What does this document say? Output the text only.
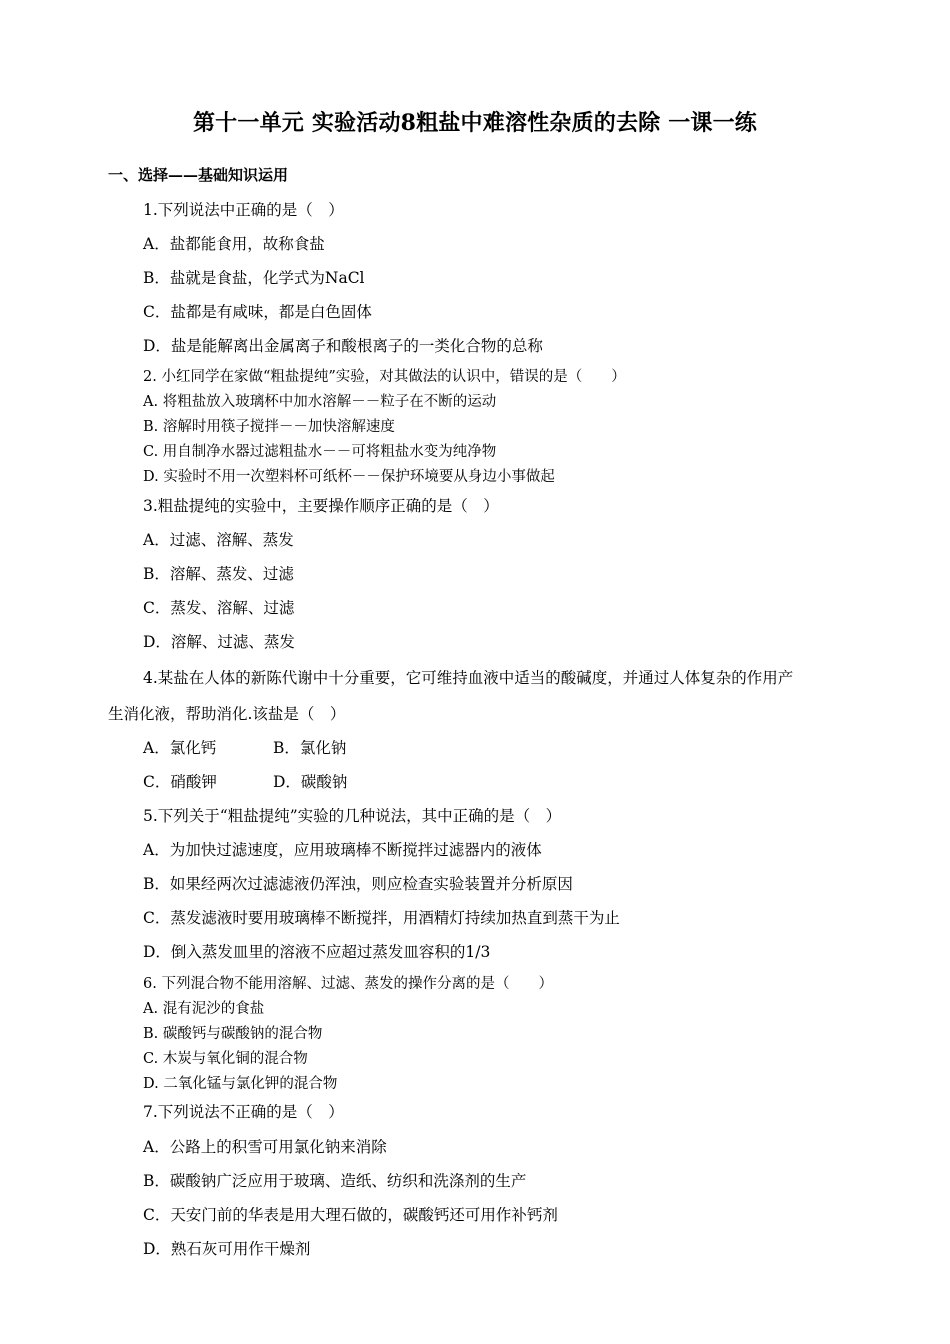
第十一单元 实验活动8粗盐中难溶性杂质的去除 一课一练
一、选择——基础知识运用
1.下列说法中正确的是（　）
A．盐都能食用，故称食盐
B．盐就是食盐，化学式为NaCl
C．盐都是有咸味，都是白色固体
D．盐是能解离出金属离子和酸根离子的一类化合物的总称
2. 小红同学在家做“粗盐提纯”实验，对其做法的认识中，错误的是（　　）
A. 将粗盐放入玻璃杯中加水溶解－－粒子在不断的运动
B. 溶解时用筷子搅拌－－加快溶解速度
C. 用自制净水器过滤粗盐水－－可将粗盐水变为纯净物
D. 实验时不用一次塑料杯可纸杯－－保护环境要从身边小事做起
3.粗盐提纯的实验中，主要操作顺序正确的是（　）
A．过滤、溶解、蒸发
B．溶解、蒸发、过滤
C．蒸发、溶解、过滤
D．溶解、过滤、蒸发
4.某盐在人体的新陈代谢中十分重要，它可维持血液中适当的酸碱度，并通过人体复杂的作用产
生消化液，帮助消化.该盐是（　）
A．氯化钙	B．氯化钠
C．硝酸钾	D．碳酸钠
5.下列关于“粗盐提纯”实验的几种说法，其中正确的是（　）
A．为加快过滤速度，应用玻璃棒不断搅拌过滤器内的液体
B．如果经两次过滤滤液仍浑浊，则应检查实验装置并分析原因
C．蒸发滤液时要用玻璃棒不断搅拌，用酒精灯持续加热直到蒸干为止
D．倒入蒸发皿里的溶液不应超过蒸发皿容积的1/3
6. 下列混合物不能用溶解、过滤、蒸发的操作分离的是（　　）
A. 混有泥沙的食盐
B. 碳酸钙与碳酸钠的混合物
C. 木炭与氧化铜的混合物
D. 二氧化锰与氯化钾的混合物
7.下列说法不正确的是（　）
A．公路上的积雪可用氯化钠来消除
B．碳酸钠广泛应用于玻璃、造纸、纺织和洗涤剂的生产
C．天安门前的华表是用大理石做的，碳酸钙还可用作补钙剂
D．熟石灰可用作干燥剂
